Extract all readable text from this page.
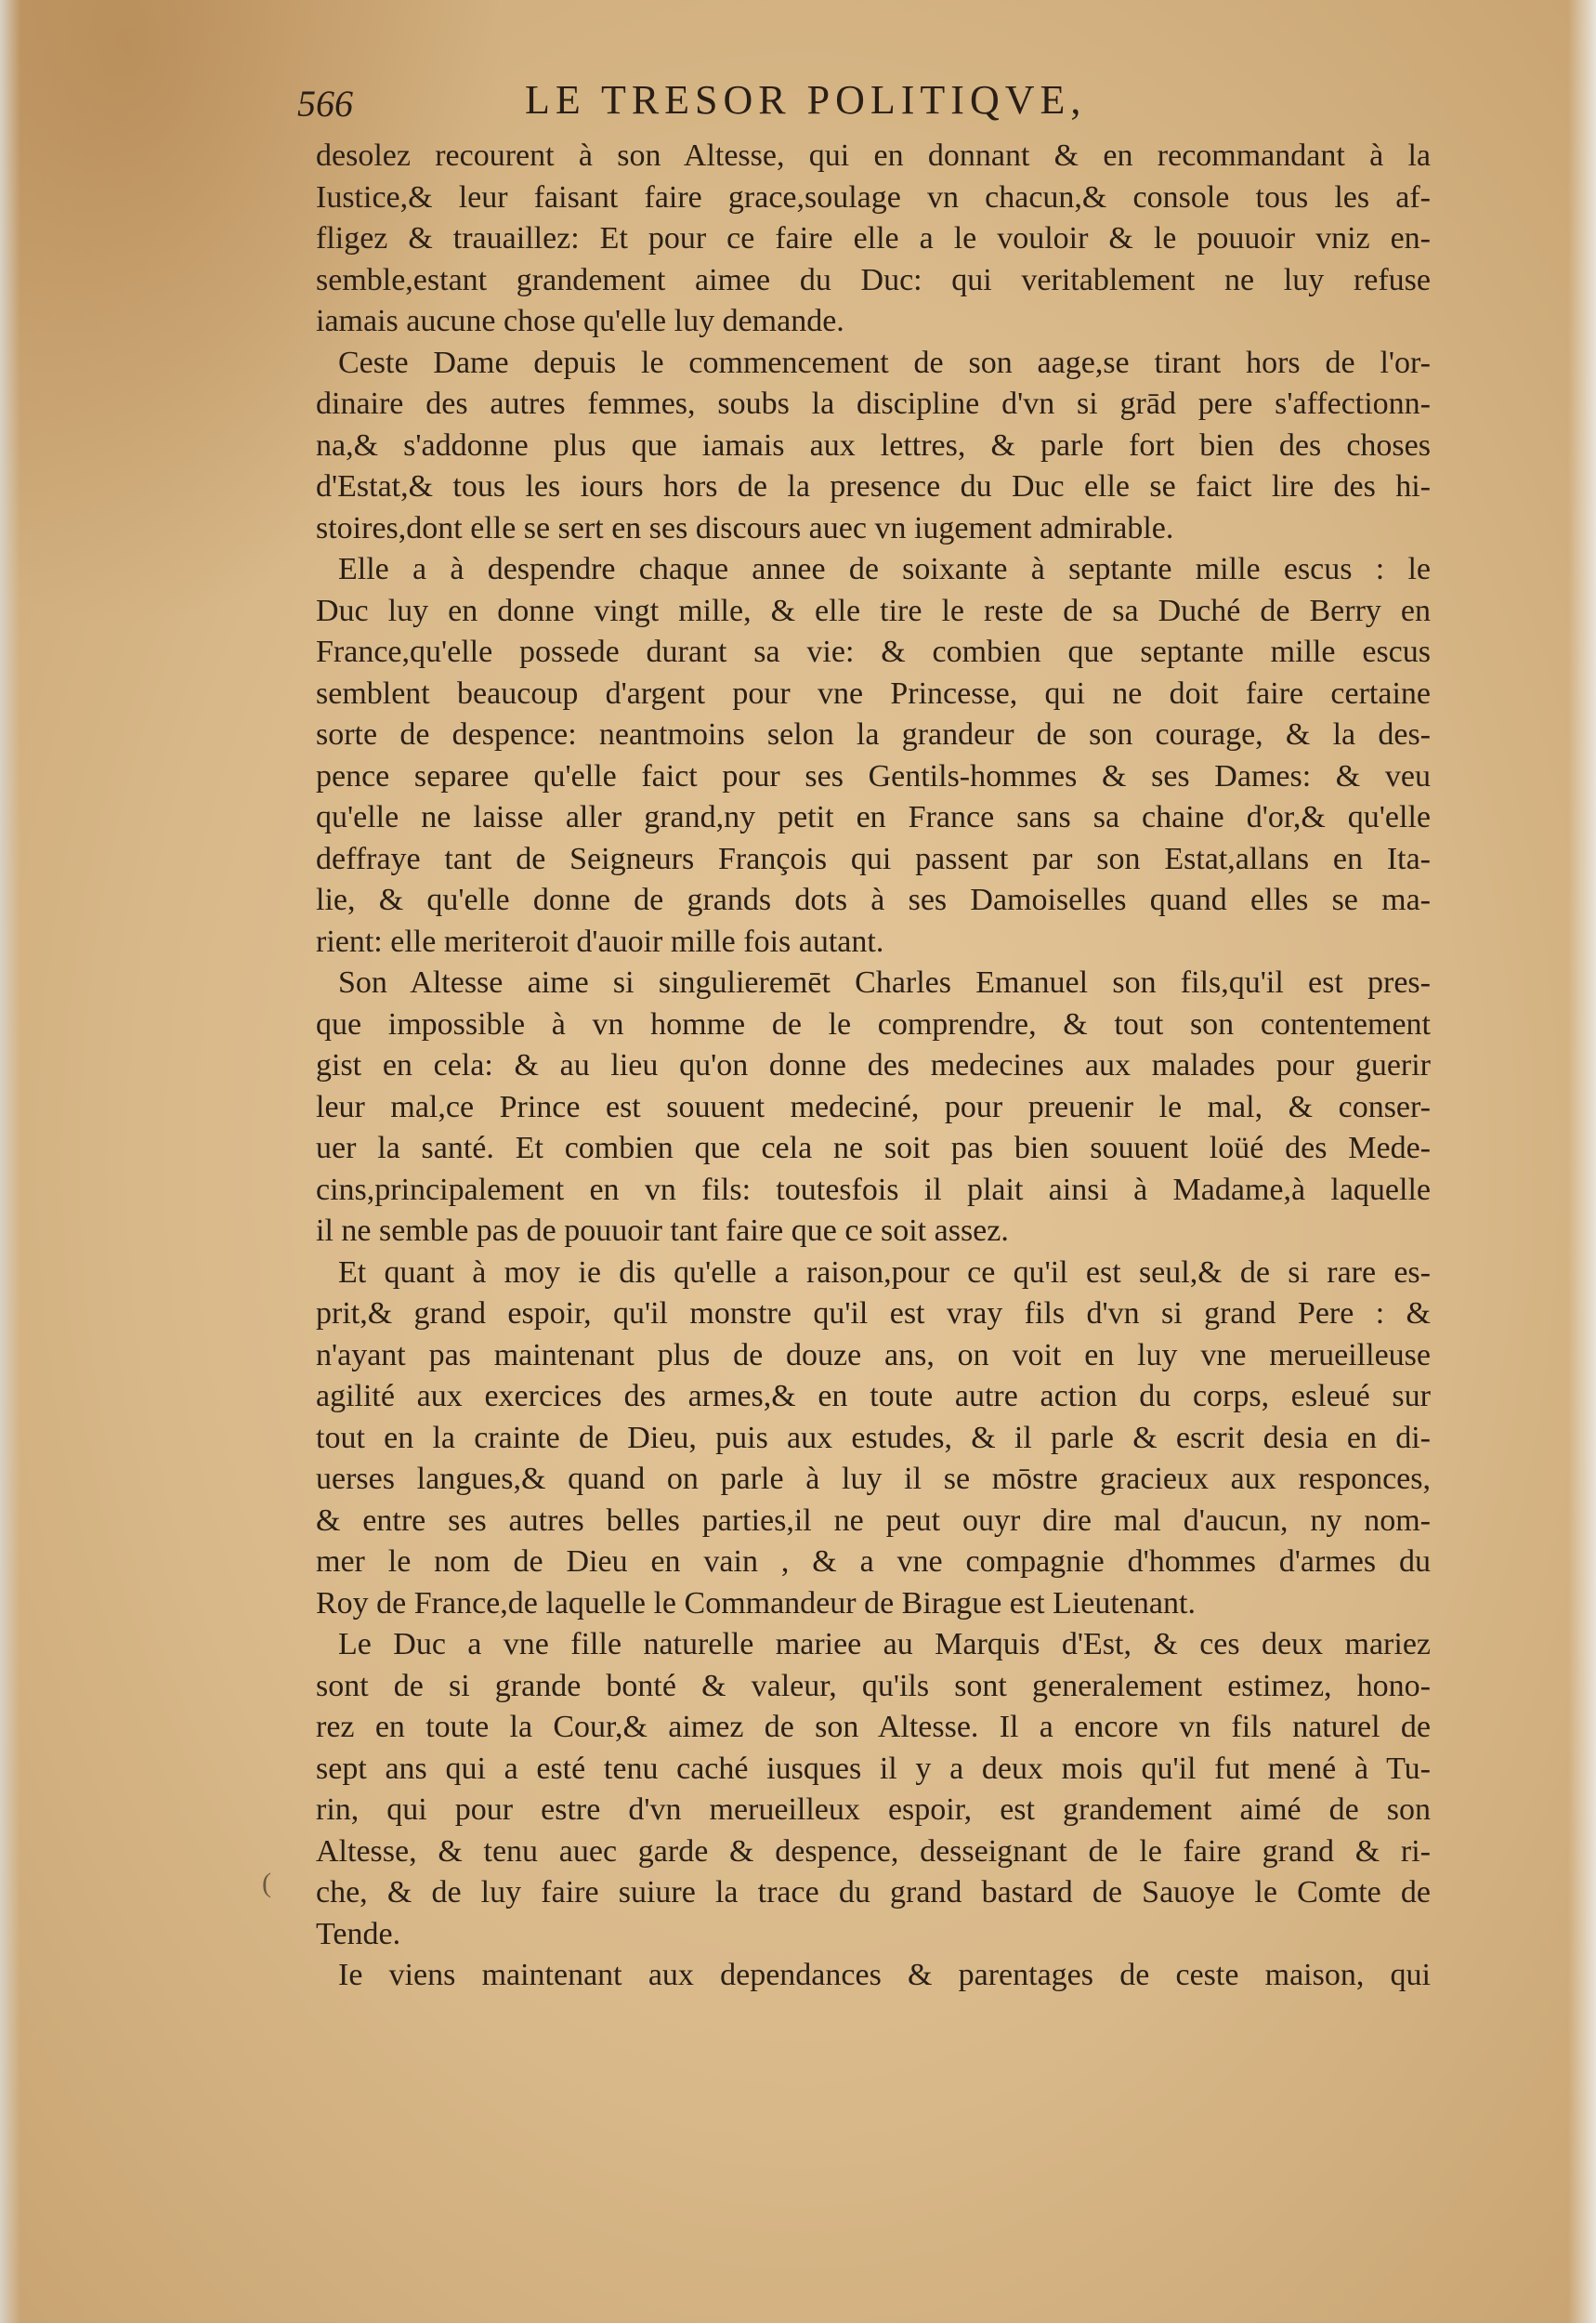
566	LE TRESOR POLITIQVE,
desolez recourent à son Altesse, qui en donnant & en recommandant à la
Iustice,& leur faisant faire grace,soulage vn chacun,& console tous les af-
fligez & trauaillez: Et pour ce faire elle a le vouloir & le pouuoir vniz en-
semble,estant grandement aimee du Duc: qui veritablement ne luy refuse
iamais aucune chose qu'elle luy demande.
Ceste Dame depuis le commencement de son aage,se tirant hors de l'or-
dinaire des autres femmes, soubs la discipline d'vn si grād pere s'affectionn-
na,& s'addonne plus que iamais aux lettres, & parle fort bien des choses
d'Estat,& tous les iours hors de la presence du Duc elle se faict lire des hi-
stoires,dont elle se sert en ses discours auec vn iugement admirable.
Elle a à despendre chaque annee de soixante à septante mille escus : le
Duc luy en donne vingt mille, & elle tire le reste de sa Duché de Berry en
France,qu'elle possede durant sa vie: & combien que septante mille escus
semblent beaucoup d'argent pour vne Princesse, qui ne doit faire certaine
sorte de despence: neantmoins selon la grandeur de son courage, & la des-
pence separee qu'elle faict pour ses Gentils-hommes & ses Dames: & veu
qu'elle ne laisse aller grand,ny petit en France sans sa chaine d'or,& qu'elle
deffraye tant de Seigneurs François qui passent par son Estat,allans en Ita-
lie, & qu'elle donne de grands dots à ses Damoiselles quand elles se ma-
rient: elle meriteroit d'auoir mille fois autant.
Son Altesse aime si singulieremēt Charles Emanuel son fils,qu'il est pres-
que impossible à vn homme de le comprendre, & tout son contentement
gist en cela: & au lieu qu'on donne des medecines aux malades pour guerir
leur mal,ce Prince est souuent medeciné, pour preuenir le mal, & conser-
uer la santé. Et combien que cela ne soit pas bien souuent loüé des Mede-
cins,principalement en vn fils: toutesfois il plait ainsi à Madame,à laquelle
il ne semble pas de pouuoir tant faire que ce soit assez.
Et quant à moy ie dis qu'elle a raison,pour ce qu'il est seul,& de si rare es-
prit,& grand espoir, qu'il monstre qu'il est vray fils d'vn si grand Pere : &
n'ayant pas maintenant plus de douze ans, on voit en luy vne merueilleuse
agilité aux exercices des armes,& en toute autre action du corps, esleué sur
tout en la crainte de Dieu, puis aux estudes, & il parle & escrit desia en di-
uerses langues,& quand on parle à luy il se mōstre gracieux aux responces,
& entre ses autres belles parties,il ne peut ouyr dire mal d'aucun, ny nom-
mer le nom de Dieu en vain , & a vne compagnie d'hommes d'armes du
Roy de France,de laquelle le Commandeur de Birague est Lieutenant.
Le Duc a vne fille naturelle mariee au Marquis d'Est, & ces deux mariez
sont de si grande bonté & valeur, qu'ils sont generalement estimez, hono-
rez en toute la Cour,& aimez de son Altesse. Il a encore vn fils naturel de
sept ans qui a esté tenu caché iusques il y a deux mois qu'il fut mené à Tu-
rin, qui pour estre d'vn merueilleux espoir, est grandement aimé de son
Altesse, & tenu auec garde & despence, desseignant de le faire grand & ri-
che, & de luy faire suiure la trace du grand bastard de Sauoye le Comte de
Tende.
Ie viens maintenant aux dependances & parentages de ceste maison, qui
(
